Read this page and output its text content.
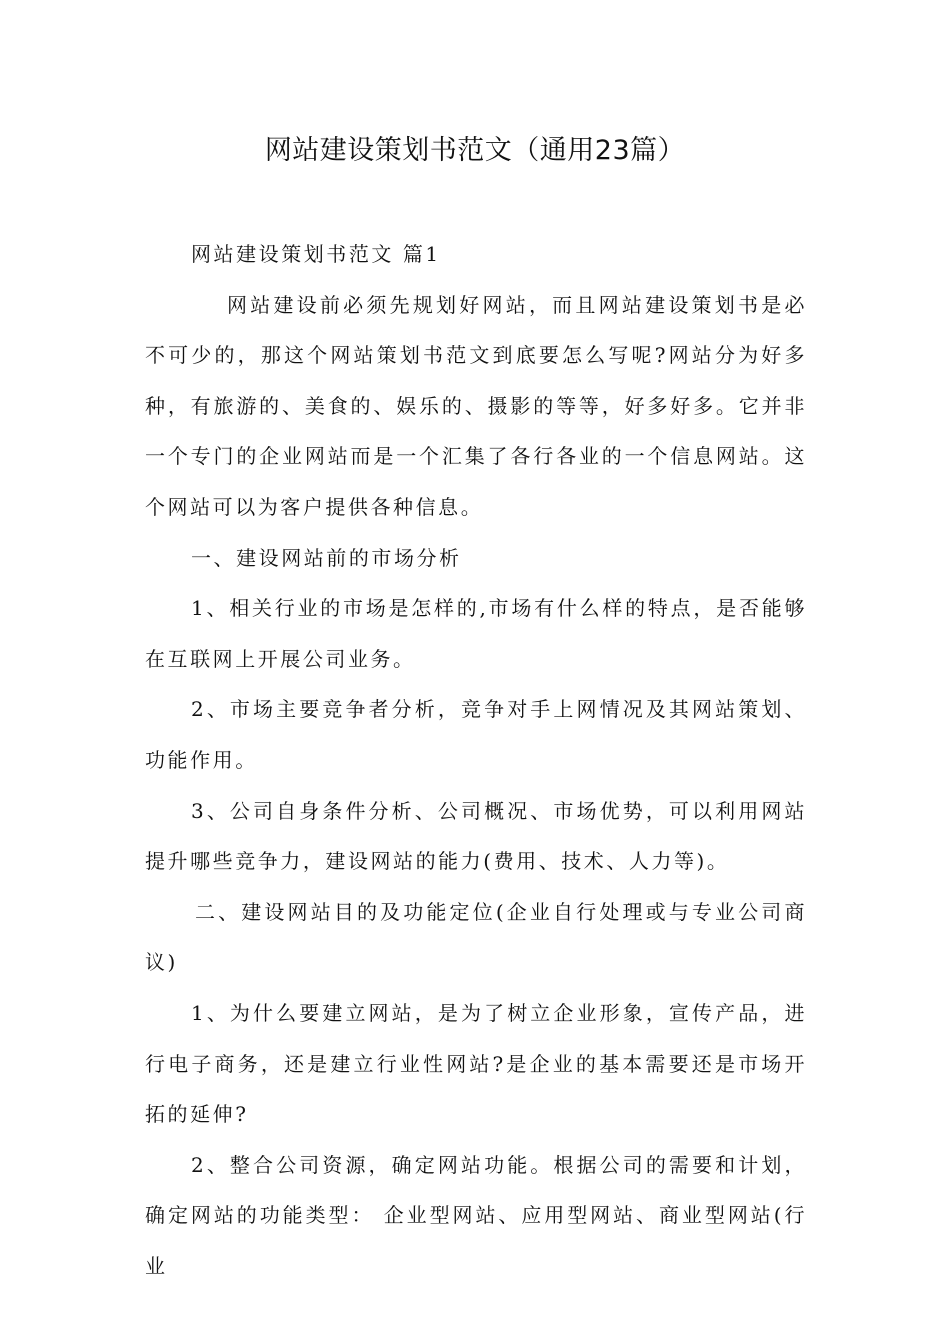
网站建设策划书范文（通用23篇）

网站建设策划书范文 篇1

网站建设前必须先规划好网站，而且网站建设策划书是必不可少的，那这个网站策划书范文到底要怎么写呢?网站分为好多种，有旅游的、美食的、娱乐的、摄影的等等，好多好多。它并非一个专门的企业网站而是一个汇集了各行各业的一个信息网站。这个网站可以为客户提供各种信息。

一、建设网站前的市场分析

1、相关行业的市场是怎样的,市场有什么样的特点，是否能够在互联网上开展公司业务。

2、市场主要竞争者分析，竞争对手上网情况及其网站策划、功能作用。

3、公司自身条件分析、公司概况、市场优势，可以利用网站提升哪些竞争力，建设网站的能力(费用、技术、人力等)。

二、建设网站目的及功能定位(企业自行处理或与专业公司商议)

1、为什么要建立网站，是为了树立企业形象，宣传产品，进行电子商务，还是建立行业性网站?是企业的基本需要还是市场开拓的延伸?

2、整合公司资源，确定网站功能。根据公司的需要和计划，确定网站的功能类型： 企业型网站、应用型网站、商业型网站(行业
